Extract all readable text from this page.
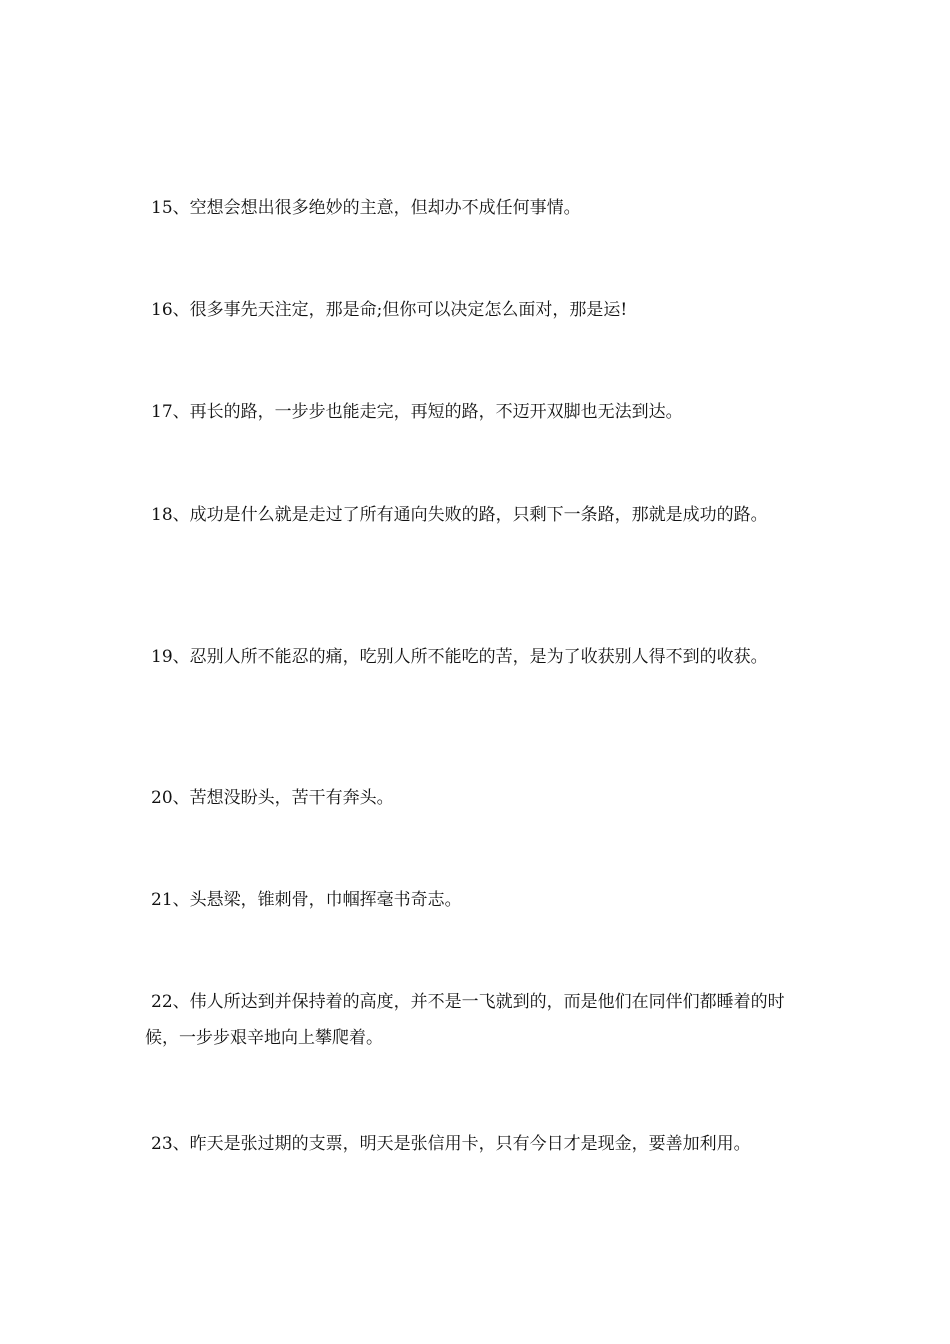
15、空想会想出很多绝妙的主意，但却办不成任何事情。

16、很多事先天注定，那是命;但你可以决定怎么面对，那是运!

17、再长的路，一步步也能走完，再短的路，不迈开双脚也无法到达。

18、成功是什么就是走过了所有通向失败的路，只剩下一条路，那就是成功的路。

19、忍别人所不能忍的痛，吃别人所不能吃的苦，是为了收获别人得不到的收获。

20、苦想没盼头，苦干有奔头。

21、头悬梁，锥刺骨，巾帼挥毫书奇志。

22、伟人所达到并保持着的高度，并不是一飞就到的，而是他们在同伴们都睡着的时候，一步步艰辛地向上攀爬着。

23、昨天是张过期的支票，明天是张信用卡，只有今日才是现金，要善加利用。
